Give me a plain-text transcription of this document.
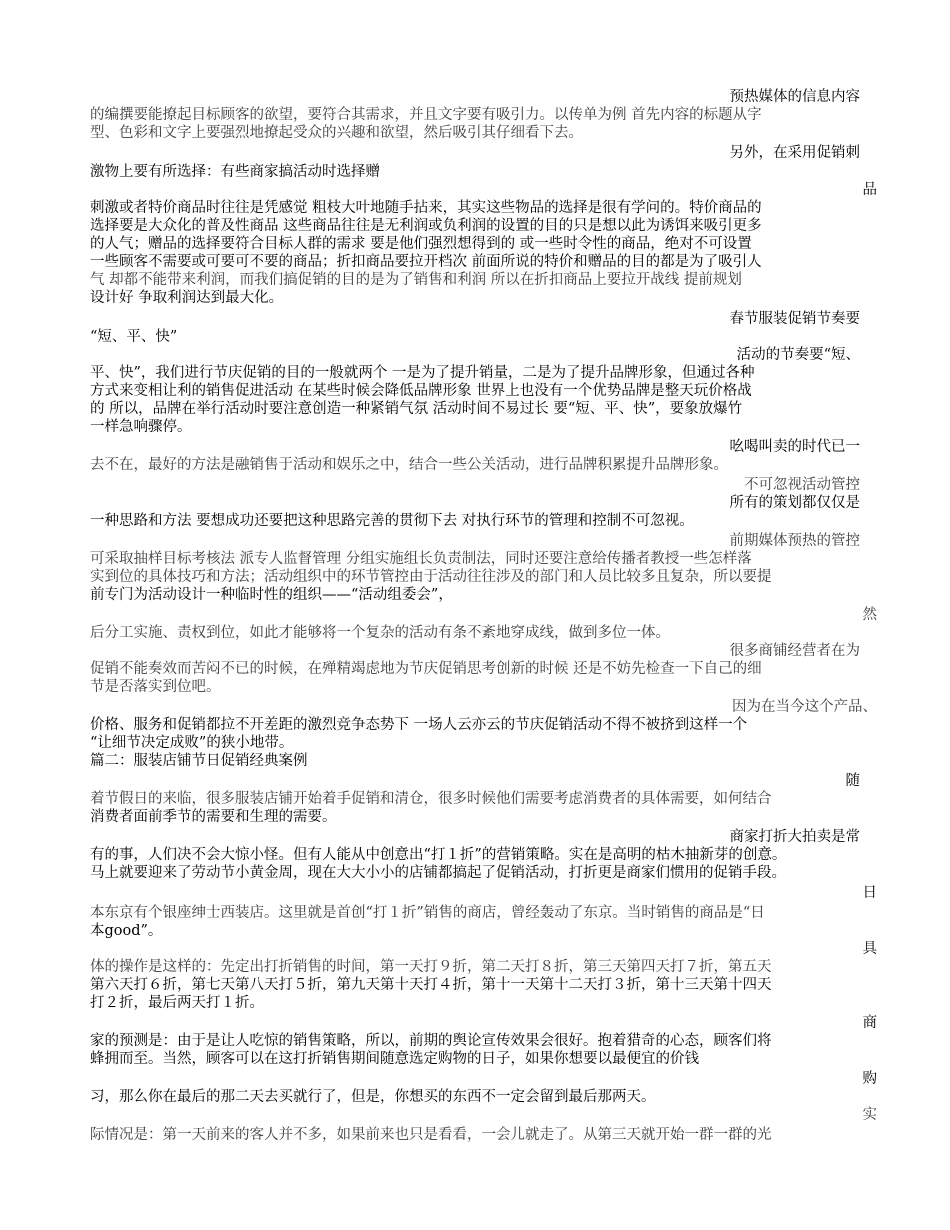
预热媒体的信息内容
的编撰要能撩起目标顾客的欲望，要符合其需求，并且文字要有吸引力。以传单为例 首先内容的标题从字
型、色彩和文字上要强烈地撩起受众的兴趣和欲望，然后吸引其仔细看下去。
另外，在采用促销刺
激物上要有所选择：有些商家搞活动时选择赠
品
刺激或者特价商品时往往是凭感觉 粗枝大叶地随手拈来，其实这些物品的选择是很有学问的。特价商品的
选择要是大众化的普及性商品 这些商品往往是无利润或负利润的设置的目的只是想以此为诱饵来吸引更多
的人气；赠品的选择要符合目标人群的需求 要是他们强烈想得到的 或一些时令性的商品，绝对不可设置
一些顾客不需要或可要可不要的商品；折扣商品要拉开档次 前面所说的特价和赠品的目的都是为了吸引人
气 却都不能带来利润，而我们搞促销的目的是为了销售和利润 所以在折扣商品上要拉开战线 提前规划
设计好 争取利润达到最大化。
春节服装促销节奏要
“短、平、快”
活动的节奏要“短、
平、快”，我们进行节庆促销的目的一般就两个 一是为了提升销量，二是为了提升品牌形象，但通过各种
方式来变相让利的销售促进活动 在某些时候会降低品牌形象 世界上也没有一个优势品牌是整天玩价格战
的 所以，品牌在举行活动时要注意创造一种紧销气氛 活动时间不易过长 要“短、平、快”，要象放爆竹
一样急响骤停。
吆喝叫卖的时代已一
去不在，最好的方法是融销售于活动和娱乐之中，结合一些公关活动，进行品牌积累提升品牌形象。
不可忽视活动管控
所有的策划都仅仅是
一种思路和方法 要想成功还要把这种思路完善的贯彻下去 对执行环节的管理和控制不可忽视。
前期媒体预热的管控
可采取抽样目标考核法 派专人监督管理 分组实施组长负责制法，同时还要注意给传播者教授一些怎样落
实到位的具体技巧和方法；活动组织中的环节管控由于活动往往涉及的部门和人员比较多且复杂，所以要提
前专门为活动设计一种临时性的组织——“活动组委会”，
然
后分工实施、责权到位，如此才能够将一个复杂的活动有条不紊地穿成线，做到多位一体。
很多商铺经营者在为
促销不能奏效而苦闷不已的时候，在殚精竭虑地为节庆促销思考创新的时候 还是不妨先检查一下自己的细
节是否落实到位吧。
因为在当今这个产品、
价格、服务和促销都拉不开差距的激烈竞争态势下 一场人云亦云的节庆促销活动不得不被挤到这样一个
“让细节决定成败”的狭小地带。
篇二：服装店铺节日促销经典案例
随
着节假日的来临，很多服装店铺开始着手促销和清仓，很多时候他们需要考虑消费者的具体需要，如何结合
消费者面前季节的需要和生理的需要。
商家打折大拍卖是常
有的事，人们决不会大惊小怪。但有人能从中创意出“打１折”的营销策略。实在是高明的枯木抽新芽的创意。
马上就要迎来了劳动节小黄金周，现在大大小小的店铺都搞起了促销活动，打折更是商家们惯用的促销手段。
日
本东京有个银座绅士西装店。这里就是首创“打１折”销售的商店，曾经轰动了东京。当时销售的商品是“日
本good”。
具
体的操作是这样的：先定出打折销售的时间，第一天打９折，第二天打８折，第三天第四天打７折，第五天
第六天打６折，第七天第八天打５折，第九天第十天打４折，第十一天第十二天打３折，第十三天第十四天
打２折，最后两天打１折。
商
家的预测是：由于是让人吃惊的销售策略，所以，前期的舆论宣传效果会很好。抱着猎奇的心态，顾客们将
蜂拥而至。当然，顾客可以在这打折销售期间随意选定购物的日子，如果你想要以最便宜的价钱
购
习，那么你在最后的那二天去买就行了，但是，你想买的东西不一定会留到最后那两天。
实
际情况是：第一天前来的客人并不多，如果前来也只是看看，一会儿就走了。从第三天就开始一群一群的光
